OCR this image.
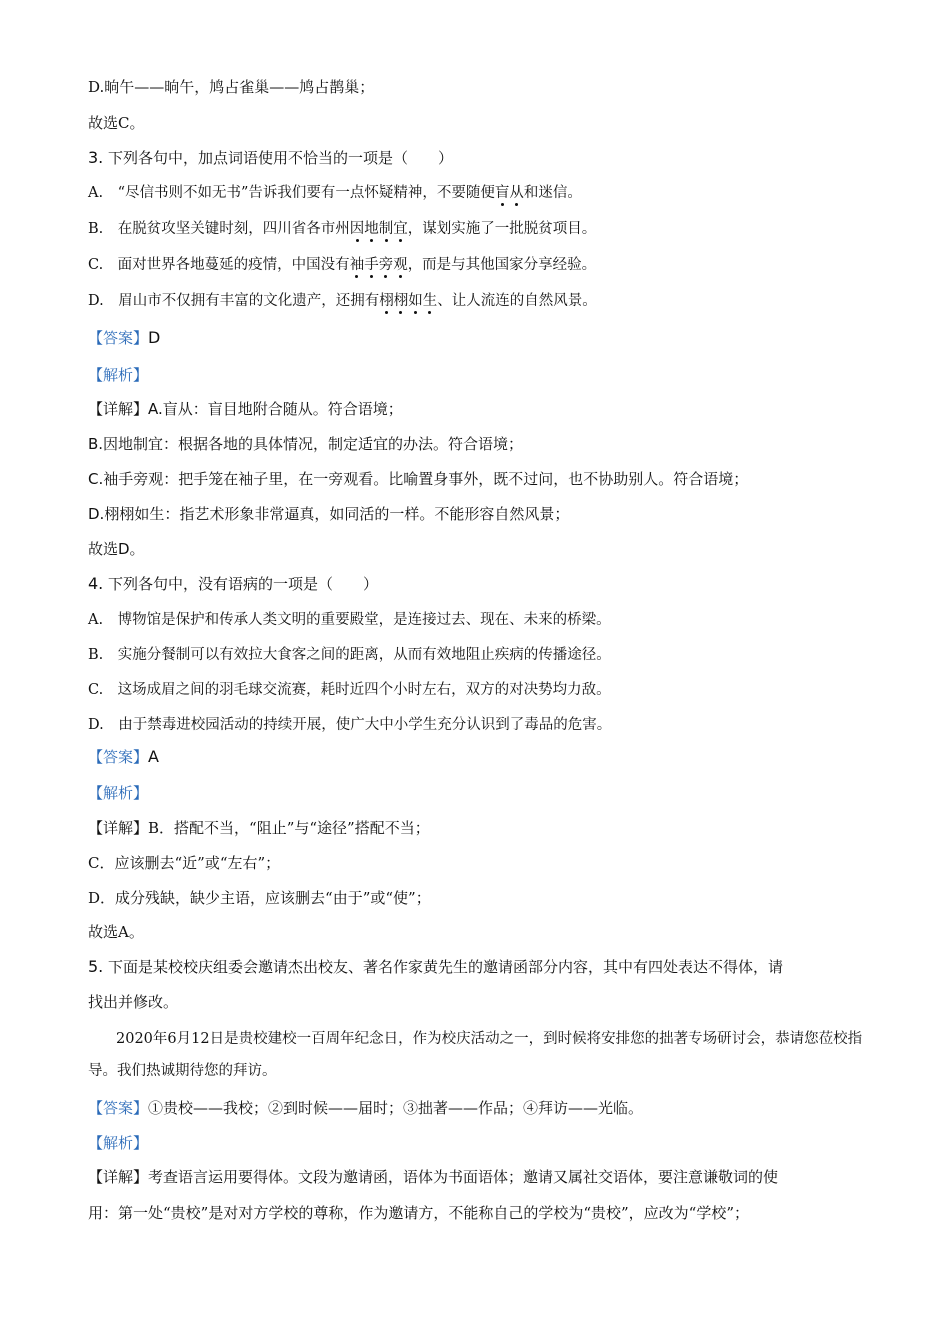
D.晌午——晌午，鸠占雀巢——鸠占鹊巢；
故选C。
3. 下列各句中，加点词语使用不恰当的一项是（　　）
A.　“尽信书则不如无书”告诉我们要有一点怀疑精神，不要随便盲从和迷信。
B.　在脱贫攻坚关键时刻，四川省各市州因地制宜，谋划实施了一批脱贫项目。
C.　面对世界各地蔓延的疫情，中国没有袖手旁观，而是与其他国家分享经验。
D.　眉山市不仅拥有丰富的文化遗产，还拥有栩栩如生、让人流连的自然风景。
【答案】D
【解析】
【详解】A.盲从：盲目地附合随从。符合语境；
B.因地制宜：根据各地的具体情况，制定适宜的办法。符合语境；
C.袖手旁观：把手笼在袖子里，在一旁观看。比喻置身事外，既不过问，也不协助别人。符合语境；
D.栩栩如生：指艺术形象非常逼真，如同活的一样。不能形容自然风景；
故选D。
4. 下列各句中，没有语病的一项是（　　）
A.　博物馆是保护和传承人类文明的重要殿堂，是连接过去、现在、未来的桥梁。
B.　实施分餐制可以有效拉大食客之间的距离，从而有效地阻止疾病的传播途径。
C.　这场成眉之间的羽毛球交流赛，耗时近四个小时左右，双方的对决势均力敌。
D.　由于禁毒进校园活动的持续开展，使广大中小学生充分认识到了毒品的危害。
【答案】A
【解析】
【详解】B．搭配不当，“阻止”与“途径”搭配不当；
C．应该删去“近”或“左右”；
D．成分残缺，缺少主语，应该删去“由于”或“使”；
故选A。
5. 下面是某校校庆组委会邀请杰出校友、著名作家黄先生的邀请函部分内容，其中有四处表达不得体，请
找出并修改。
2020年6月12日是贵校建校一百周年纪念日，作为校庆活动之一，到时候将安排您的拙著专场研讨会，恭请您莅校指导。我们热诚期待您的拜访。
【答案】①贵校——我校；②到时候——届时；③拙著——作品；④拜访——光临。
【解析】
【详解】考查语言运用要得体。文段为邀请函，语体为书面语体；邀请又属社交语体，要注意谦敬词的使
用：第一处“贵校”是对对方学校的尊称，作为邀请方，不能称自己的学校为“贵校”，应改为“学校”；
